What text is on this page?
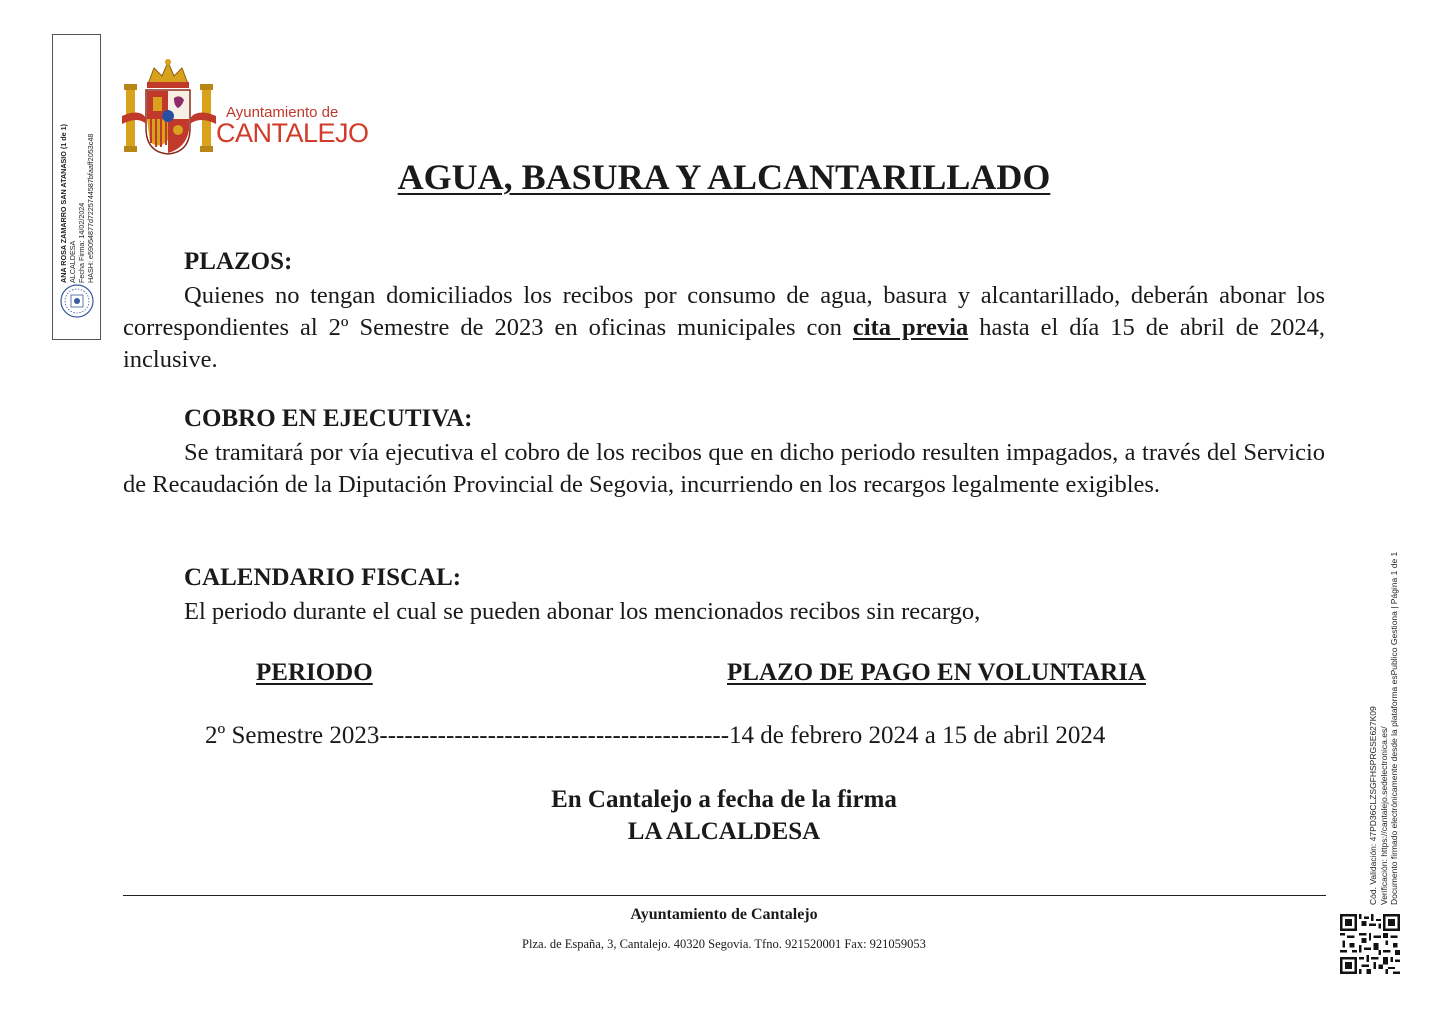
ANA ROSA ZAMARRO SAN ATANASIO (1 de 1) ALCALDESA Fecha Firma: 14/02/2024 HASH: e59054877d7225744587bfaaff2053c48
Ayuntamiento de
CANTALEJO
AGUA, BASURA Y ALCANTARILLADO
PLAZOS:
Quienes no tengan domiciliados los recibos por consumo de agua, basura y alcantarillado, deberán abonar los correspondientes al 2º Semestre de 2023 en oficinas municipales con cita previa hasta el día 15 de abril de 2024, inclusive.
COBRO EN EJECUTIVA:
Se tramitará por vía ejecutiva el cobro de los recibos que en dicho periodo resulten impagados, a través del Servicio de Recaudación de la Diputación Provincial de Segovia, incurriendo en los recargos legalmente exigibles.
CALENDARIO FISCAL:
El periodo durante el cual se pueden abonar los mencionados recibos sin recargo,
PERIODO	PLAZO DE PAGO EN VOLUNTARIA
2º Semestre 2023------------------------------------------14 de febrero 2024 a 15 de abril 2024
En Cantalejo a fecha de la firma
LA ALCALDESA
Ayuntamiento de Cantalejo
Plza. de España, 3, Cantalejo. 40320 Segovia. Tfno. 921520001 Fax: 921059053
Cód. Validación: 47PD36CLZSGFHSPRGSE627K09 Verificación: https://cantalejo.sedelectronica.es/ Documento firmado electrónicamente desde la plataforma esPublico Gestiona | Página 1 de 1
